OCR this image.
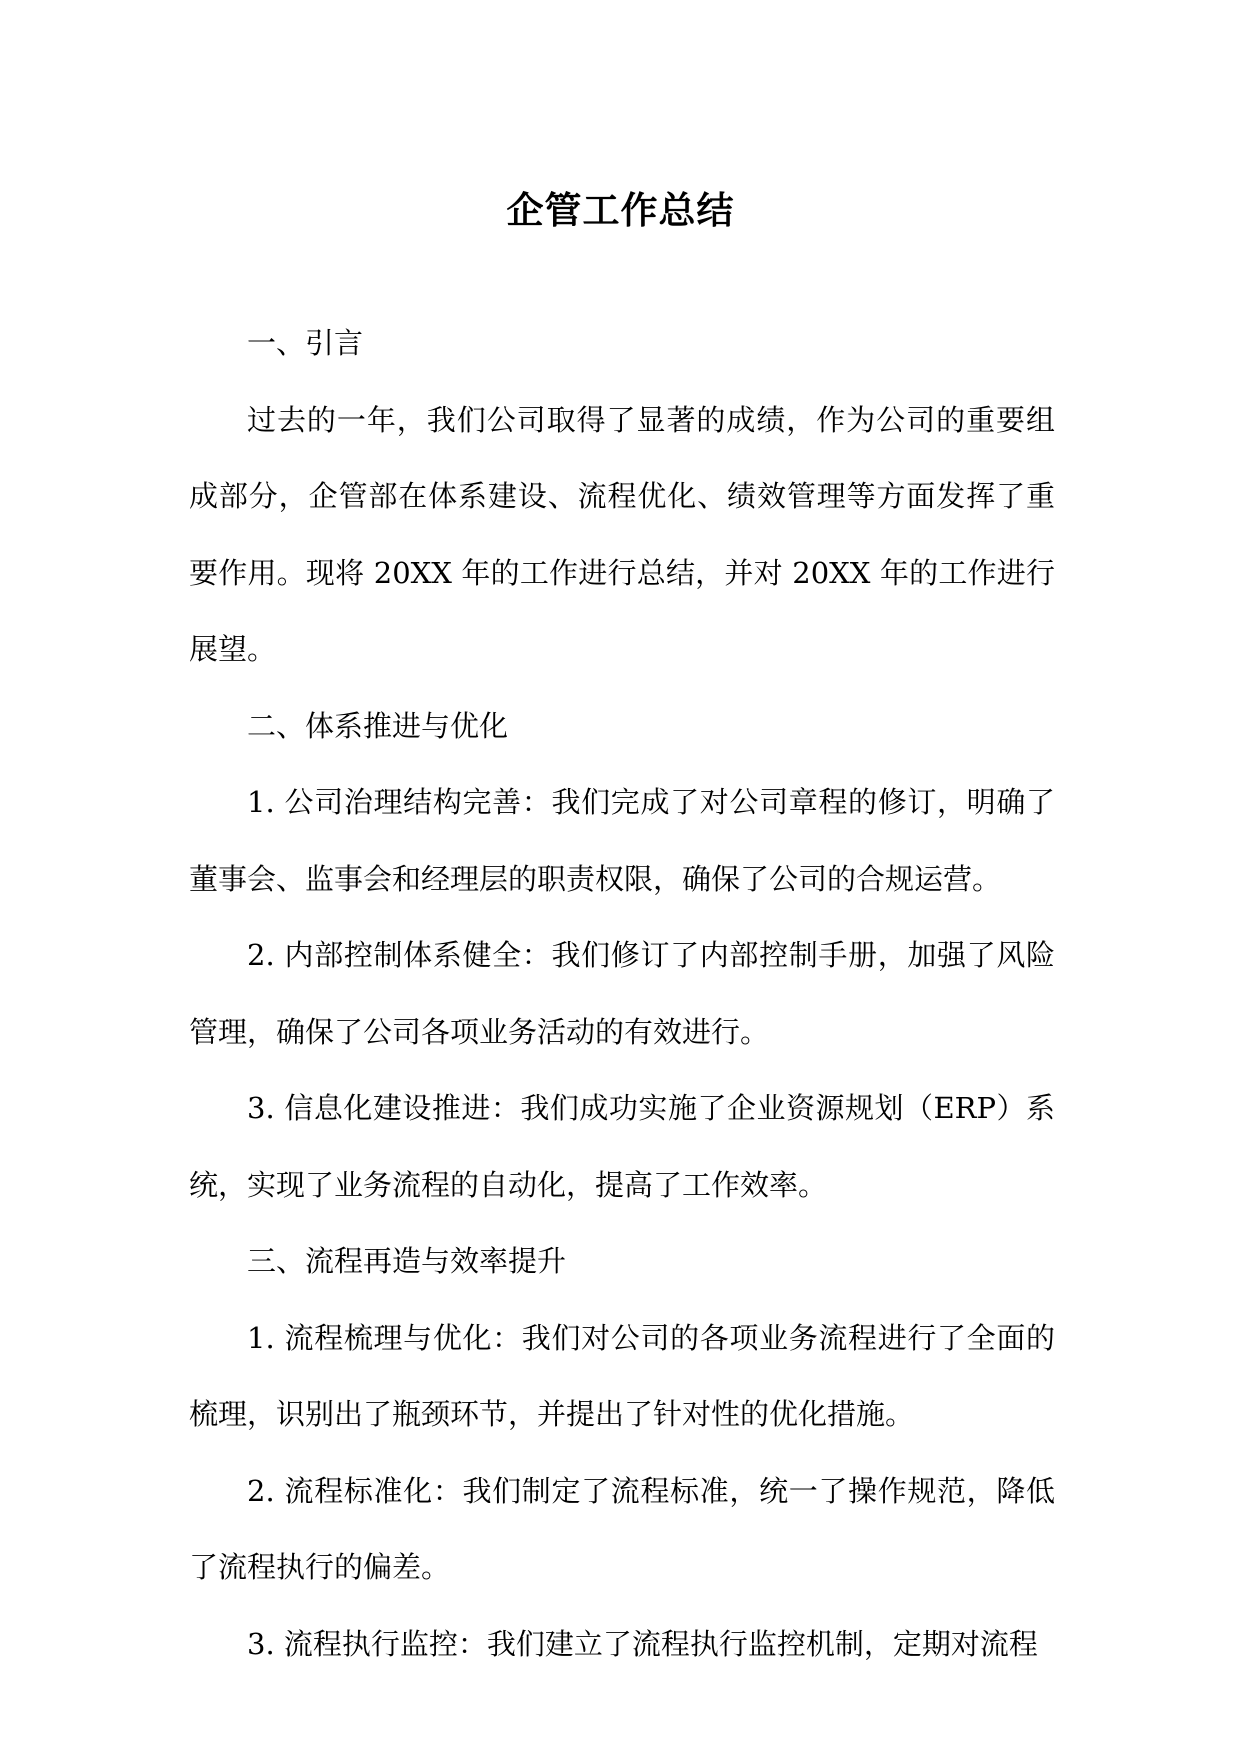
企管工作总结

一、引言

过去的一年，我们公司取得了显著的成绩，作为公司的重要组成部分，企管部在体系建设、流程优化、绩效管理等方面发挥了重要作用。现将 20XX 年的工作进行总结，并对 20XX 年的工作进行展望。

二、体系推进与优化

1. 公司治理结构完善：我们完成了对公司章程的修订，明确了董事会、监事会和经理层的职责权限，确保了公司的合规运营。

2. 内部控制体系健全：我们修订了内部控制手册，加强了风险管理，确保了公司各项业务活动的有效进行。

3. 信息化建设推进：我们成功实施了企业资源规划（ERP）系统，实现了业务流程的自动化，提高了工作效率。

三、流程再造与效率提升

1. 流程梳理与优化：我们对公司的各项业务流程进行了全面的梳理，识别出了瓶颈环节，并提出了针对性的优化措施。

2. 流程标准化：我们制定了流程标准，统一了操作规范，降低了流程执行的偏差。

3. 流程执行监控：我们建立了流程执行监控机制，定期对流程
